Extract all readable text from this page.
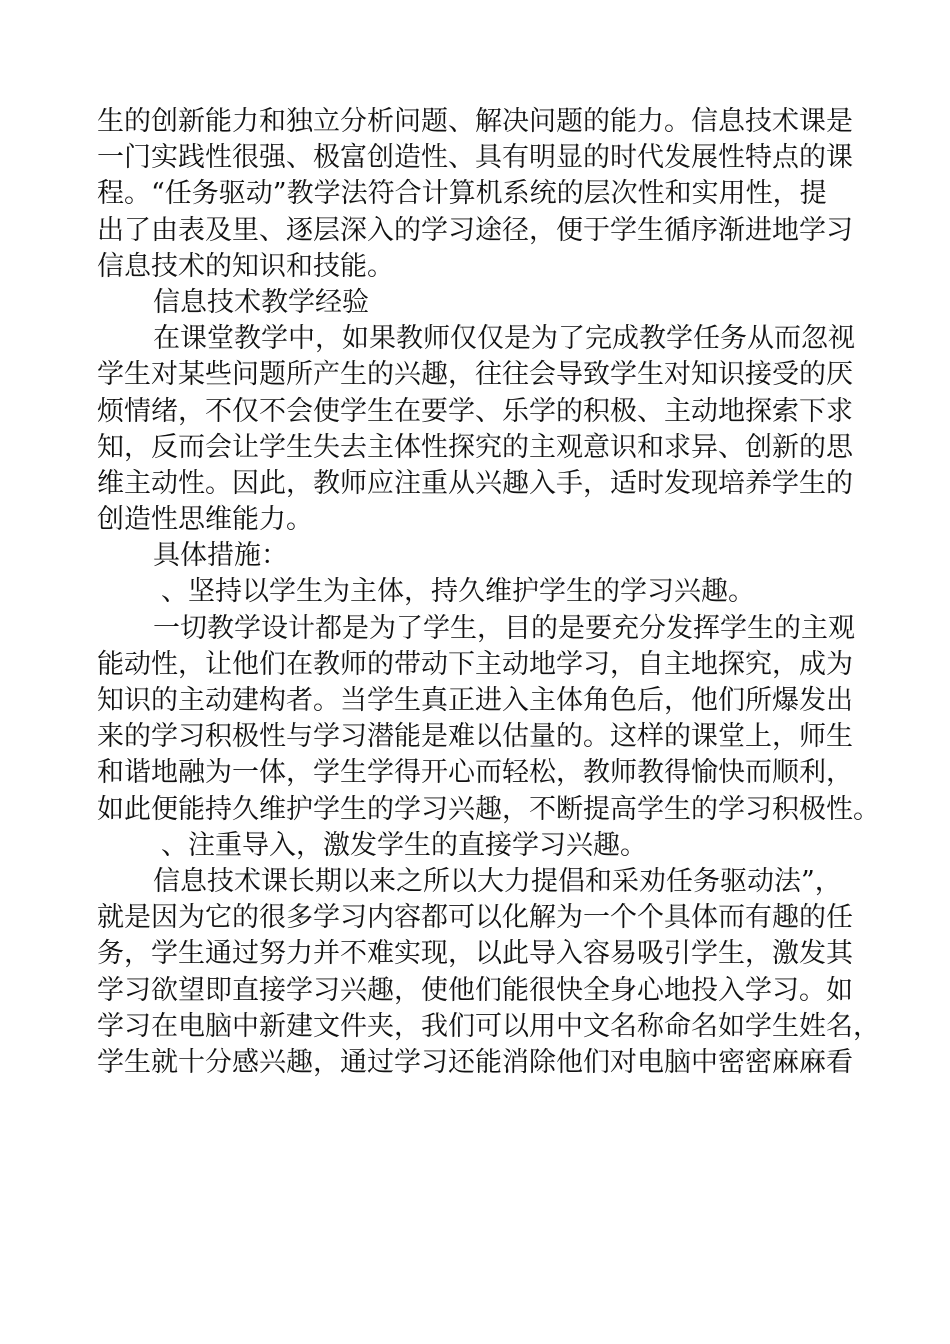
生的创新能力和独立分析问题、解决问题的能力。信息技术课是
一门实践性很强、极富创造性、具有明显的时代发展性特点的课
程。“任务驱动”教学法符合计算机系统的层次性和实用性，提
出了由表及里、逐层深入的学习途径，便于学生循序渐进地学习
信息技术的知识和技能。
信息技术教学经验
在课堂教学中，如果教师仅仅是为了完成教学任务从而忽视
学生对某些问题所产生的兴趣，往往会导致学生对知识接受的厌
烦情绪，不仅不会使学生在要学、乐学的积极、主动地探索下求
知，反而会让学生失去主体性探究的主观意识和求异、创新的思
维主动性。因此，教师应注重从兴趣入手，适时发现培养学生的
创造性思维能力。
具体措施：
、坚持以学生为主体，持久维护学生的学习兴趣。
一切教学设计都是为了学生，目的是要充分发挥学生的主观
能动性，让他们在教师的带动下主动地学习，自主地探究，成为
知识的主动建构者。当学生真正进入主体角色后，他们所爆发出
来的学习积极性与学习潜能是难以估量的。这样的课堂上，师生
和谐地融为一体，学生学得开心而轻松，教师教得愉快而顺利，
如此便能持久维护学生的学习兴趣，不断提高学生的学习积极性。
、注重导入，激发学生的直接学习兴趣。
信息技术课长期以来之所以大力提倡和采劝任务驱动法”，
就是因为它的很多学习内容都可以化解为一个个具体而有趣的任
务，学生通过努力并不难实现，以此导入容易吸引学生，激发其
学习欲望即直接学习兴趣，使他们能很快全身心地投入学习。如
学习在电脑中新建文件夹，我们可以用中文名称命名如学生姓名，
学生就十分感兴趣，通过学习还能消除他们对电脑中密密麻麻看
